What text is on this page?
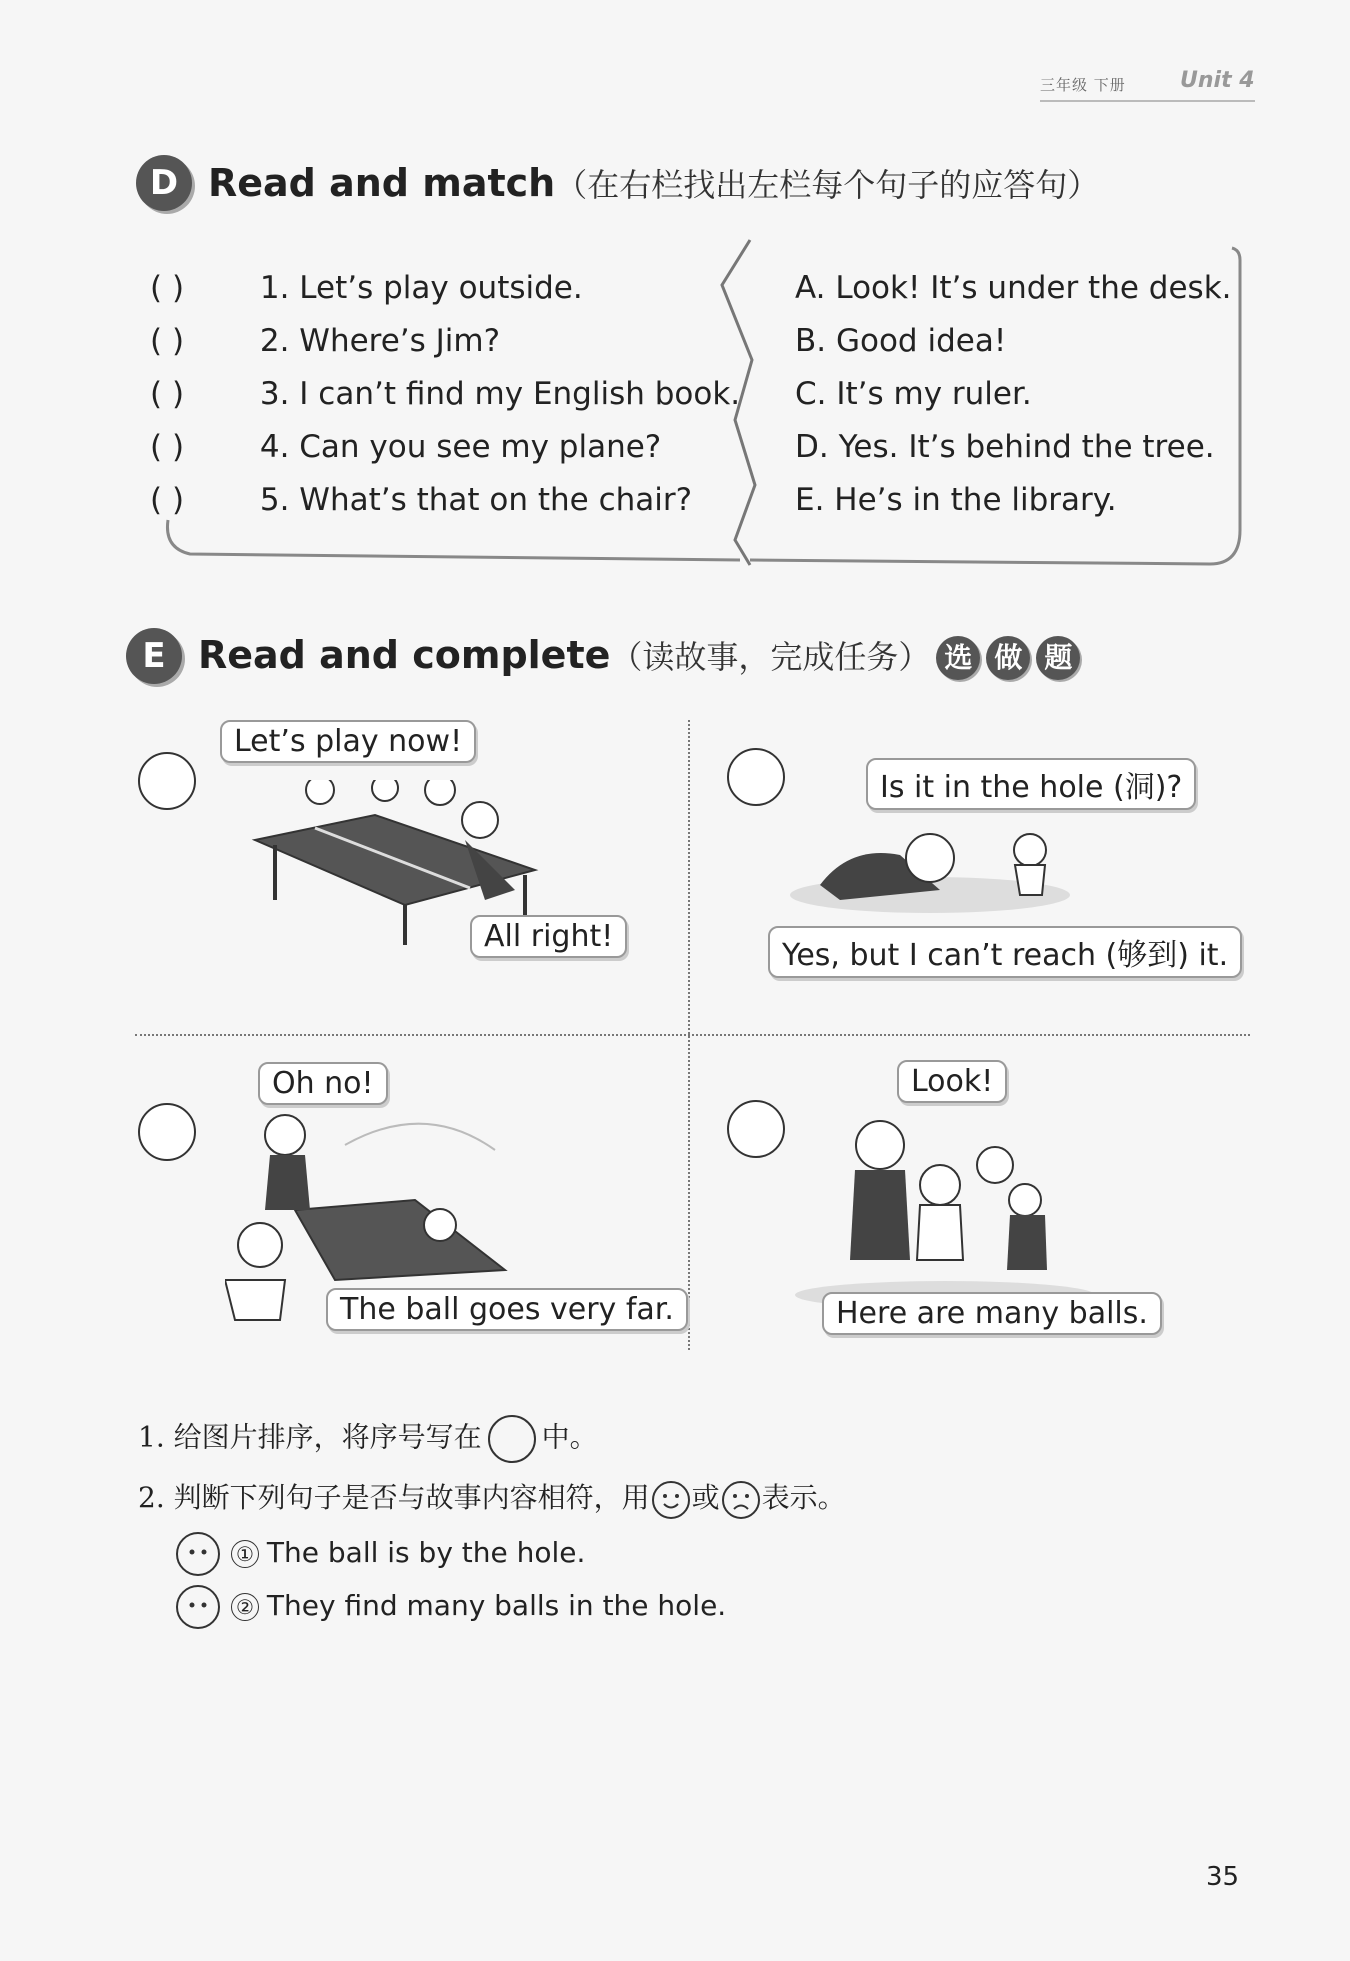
三年级 下册 Unit 4
D Read and match（在右栏找出左栏每个句子的应答句）
( ) 1. Let’s play outside.
( ) 2. Where’s Jim?
( ) 3. I can’t find my English book.
( ) 4. Can you see my plane?
( ) 5. What’s that on the chair?
A. Look! It’s under the desk.
B. Good idea!
C. It’s my ruler.
D. Yes. It’s behind the tree.
E. He’s in the library.
E Read and complete（读故事，完成任务） 选 做 题
Let’s play now!
All right!
Is it in the hole (洞)?
Yes, but I can’t reach (够到) it.
Oh no!
The ball goes very far.
Look!
Here are many balls.
1. 给图片排序，将序号写在 中。
2. 判断下列句子是否与故事内容相符，用 或 表示。
① The ball is by the hole.
② They find many balls in the hole.
35
